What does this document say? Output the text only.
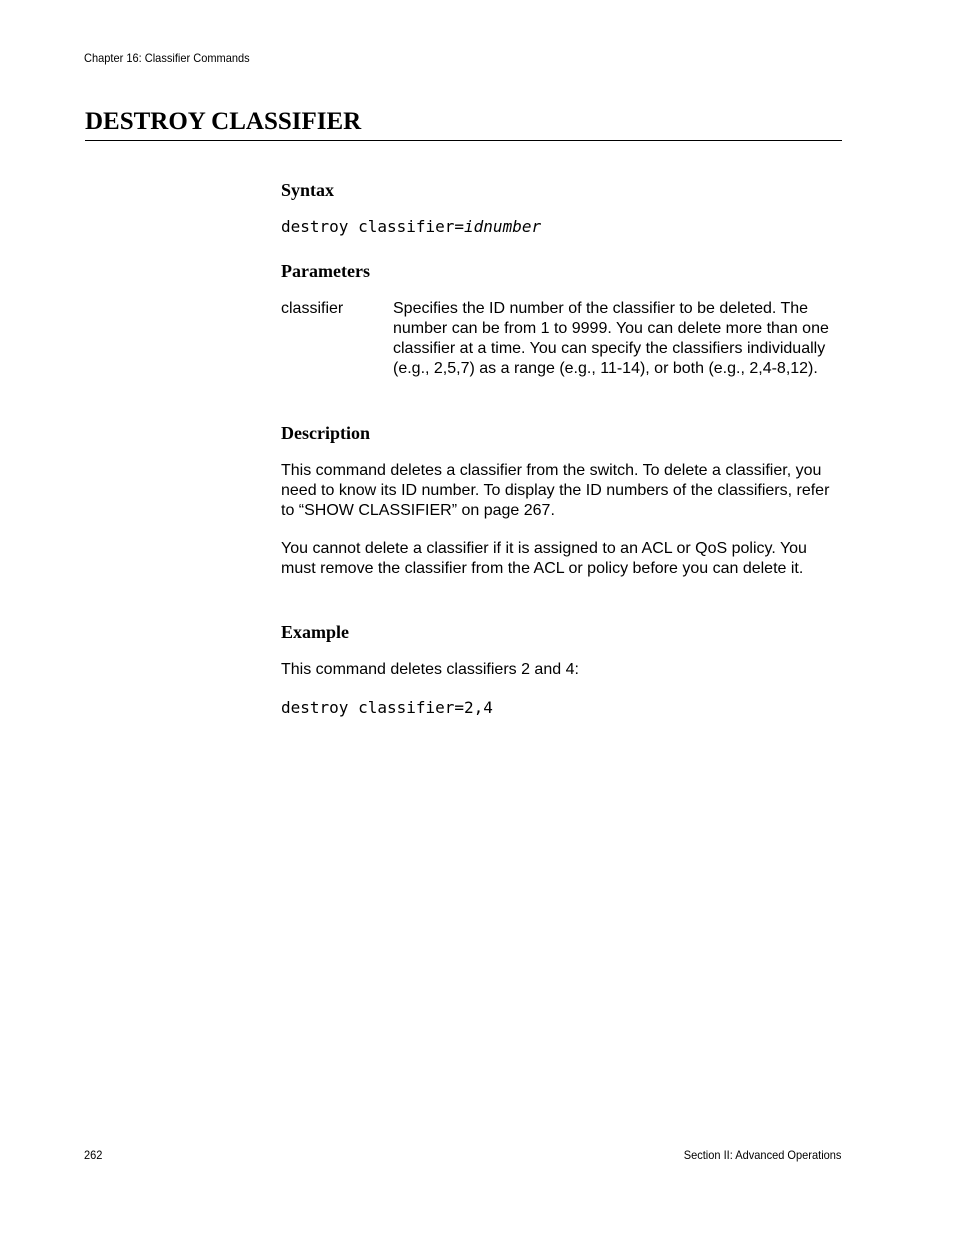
Chapter 16: Classifier Commands
DESTROY CLASSIFIER
Syntax
destroy classifier=idnumber
Parameters
classifier	Specifies the ID number of the classifier to be deleted. The number can be from 1 to 9999. You can delete more than one classifier at a time. You can specify the classifiers individually (e.g., 2,5,7) as a range (e.g., 11-14), or both (e.g., 2,4-8,12).

Description

This command deletes a classifier from the switch. To delete a classifier, you need to know its ID number. To display the ID numbers of the classifiers, refer to “SHOW CLASSIFIER” on page 267.

You cannot delete a classifier if it is assigned to an ACL or QoS policy. You must remove the classifier from the ACL or policy before you can delete it.

Example

This command deletes classifiers 2 and 4:

destroy classifier=2,4
262	Section II: Advanced Operations
